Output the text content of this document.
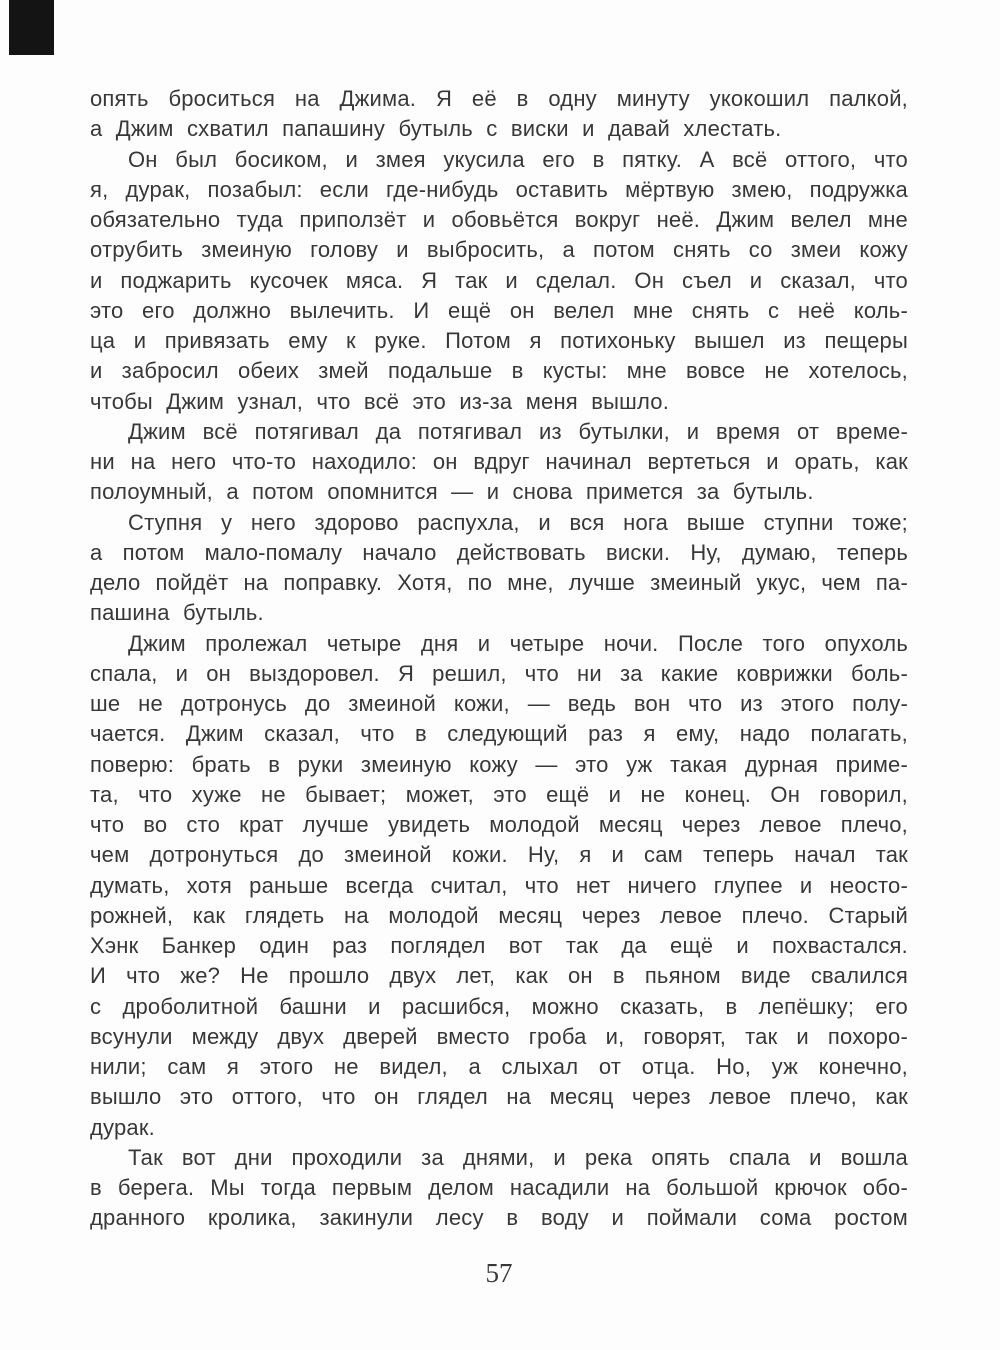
опять броситься на Джима. Я её в одну минуту укокошил палкой,
а Джим схватил папашину бутыль с виски и давай хлестать.
Он был босиком, и змея укусила его в пятку. А всё оттого, что
я, дурак, позабыл: если где-нибудь оставить мёртвую змею, подружка
обязательно туда приползёт и обовьётся вокруг неё. Джим велел мне
отрубить змеиную голову и выбросить, а потом снять со змеи кожу
и поджарить кусочек мяса. Я так и сделал. Он съел и сказал, что
это его должно вылечить. И ещё он велел мне снять с неё коль-
ца и привязать ему к руке. Потом я потихоньку вышел из пещеры
и забросил обеих змей подальше в кусты: мне вовсе не хотелось,
чтобы Джим узнал, что всё это из-за меня вышло.
Джим всё потягивал да потягивал из бутылки, и время от време-
ни на него что-то находило: он вдруг начинал вертеться и орать, как
полоумный, а потом опомнится — и снова примется за бутыль.
Ступня у него здорово распухла, и вся нога выше ступни тоже;
а потом мало-помалу начало действовать виски. Ну, думаю, теперь
дело пойдёт на поправку. Хотя, по мне, лучше змеиный укус, чем па-
пашина бутыль.
Джим пролежал четыре дня и четыре ночи. После того опухоль
спала, и он выздоровел. Я решил, что ни за какие коврижки боль-
ше не дотронусь до змеиной кожи, — ведь вон что из этого полу-
чается. Джим сказал, что в следующий раз я ему, надо полагать,
поверю: брать в руки змеиную кожу — это уж такая дурная приме-
та, что хуже не бывает; может, это ещё и не конец. Он говорил,
что во сто крат лучше увидеть молодой месяц через левое плечо,
чем дотронуться до змеиной кожи. Ну, я и сам теперь начал так
думать, хотя раньше всегда считал, что нет ничего глупее и неосто-
рожней, как глядеть на молодой месяц через левое плечо. Старый
Хэнк Банкер один раз поглядел вот так да ещё и похвастался.
И что же? Не прошло двух лет, как он в пьяном виде свалился
с дроболитной башни и расшибся, можно сказать, в лепёшку; его
всунули между двух дверей вместо гроба и, говорят, так и похоро-
нили; сам я этого не видел, а слыхал от отца. Но, уж конечно,
вышло это оттого, что он глядел на месяц через левое плечо, как
дурак.
Так вот дни проходили за днями, и река опять спала и вошла
в берега. Мы тогда первым делом насадили на большой крючок обо-
дранного кролика, закинули лесу в воду и поймали сома ростом
57
